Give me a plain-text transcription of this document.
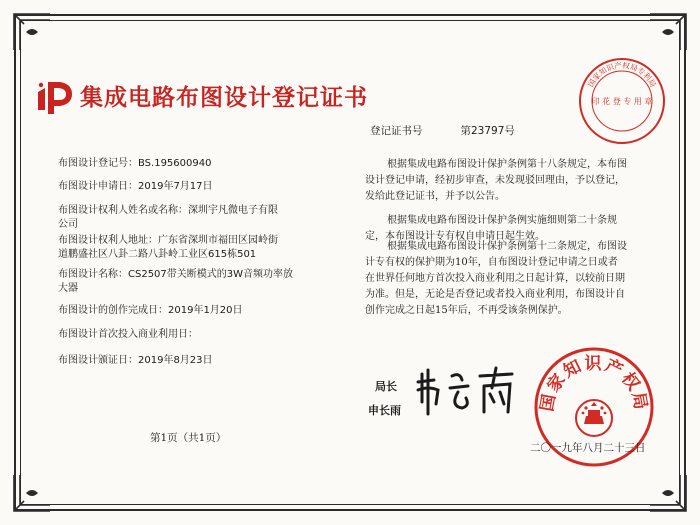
集成电路布图设计登记证书
登记证书号	第23797号
布图设计登记号：BS.195600940
布图设计申请日：2019年7月17日
布图设计权利人姓名或名称：深圳宇凡微电子有限
公司
布图设计权利人地址：广东省深圳市福田区园岭街
道鹏盛社区八卦二路八卦岭工业区615栋501
布图设计名称：CS2507带关断模式的3W音频功率放
大器
布图设计的创作完成日：2019年1月20日
布图设计首次投入商业利用日：
布图设计颁证日：2019年8月23日
根据集成电路布图设计保护条例第十八条规定，本布图设计登记申请，经初步审查，未发现驳回理由，予以登记，发给此登记证书，并予以公告。
根据集成电路布图设计保护条例实施细则第二十条规定，本布图设计专有权自申请日起生效。
根据集成电路布图设计保护条例第十二条规定，布图设计专有权的保护期为10年，自布图设计登记申请之日或者在世界任何地方首次投入商业利用之日起计算，以较前日期为准。但是，无论是否登记或者投入商业利用，布图设计自创作完成之日起15年后，不再受该条例保护。
第1页（共1页）
局长
申长雨	国家知识产权局
二〇一九年八月二十三日
国家知识产权局专利局
印 花 登 专 用 章
